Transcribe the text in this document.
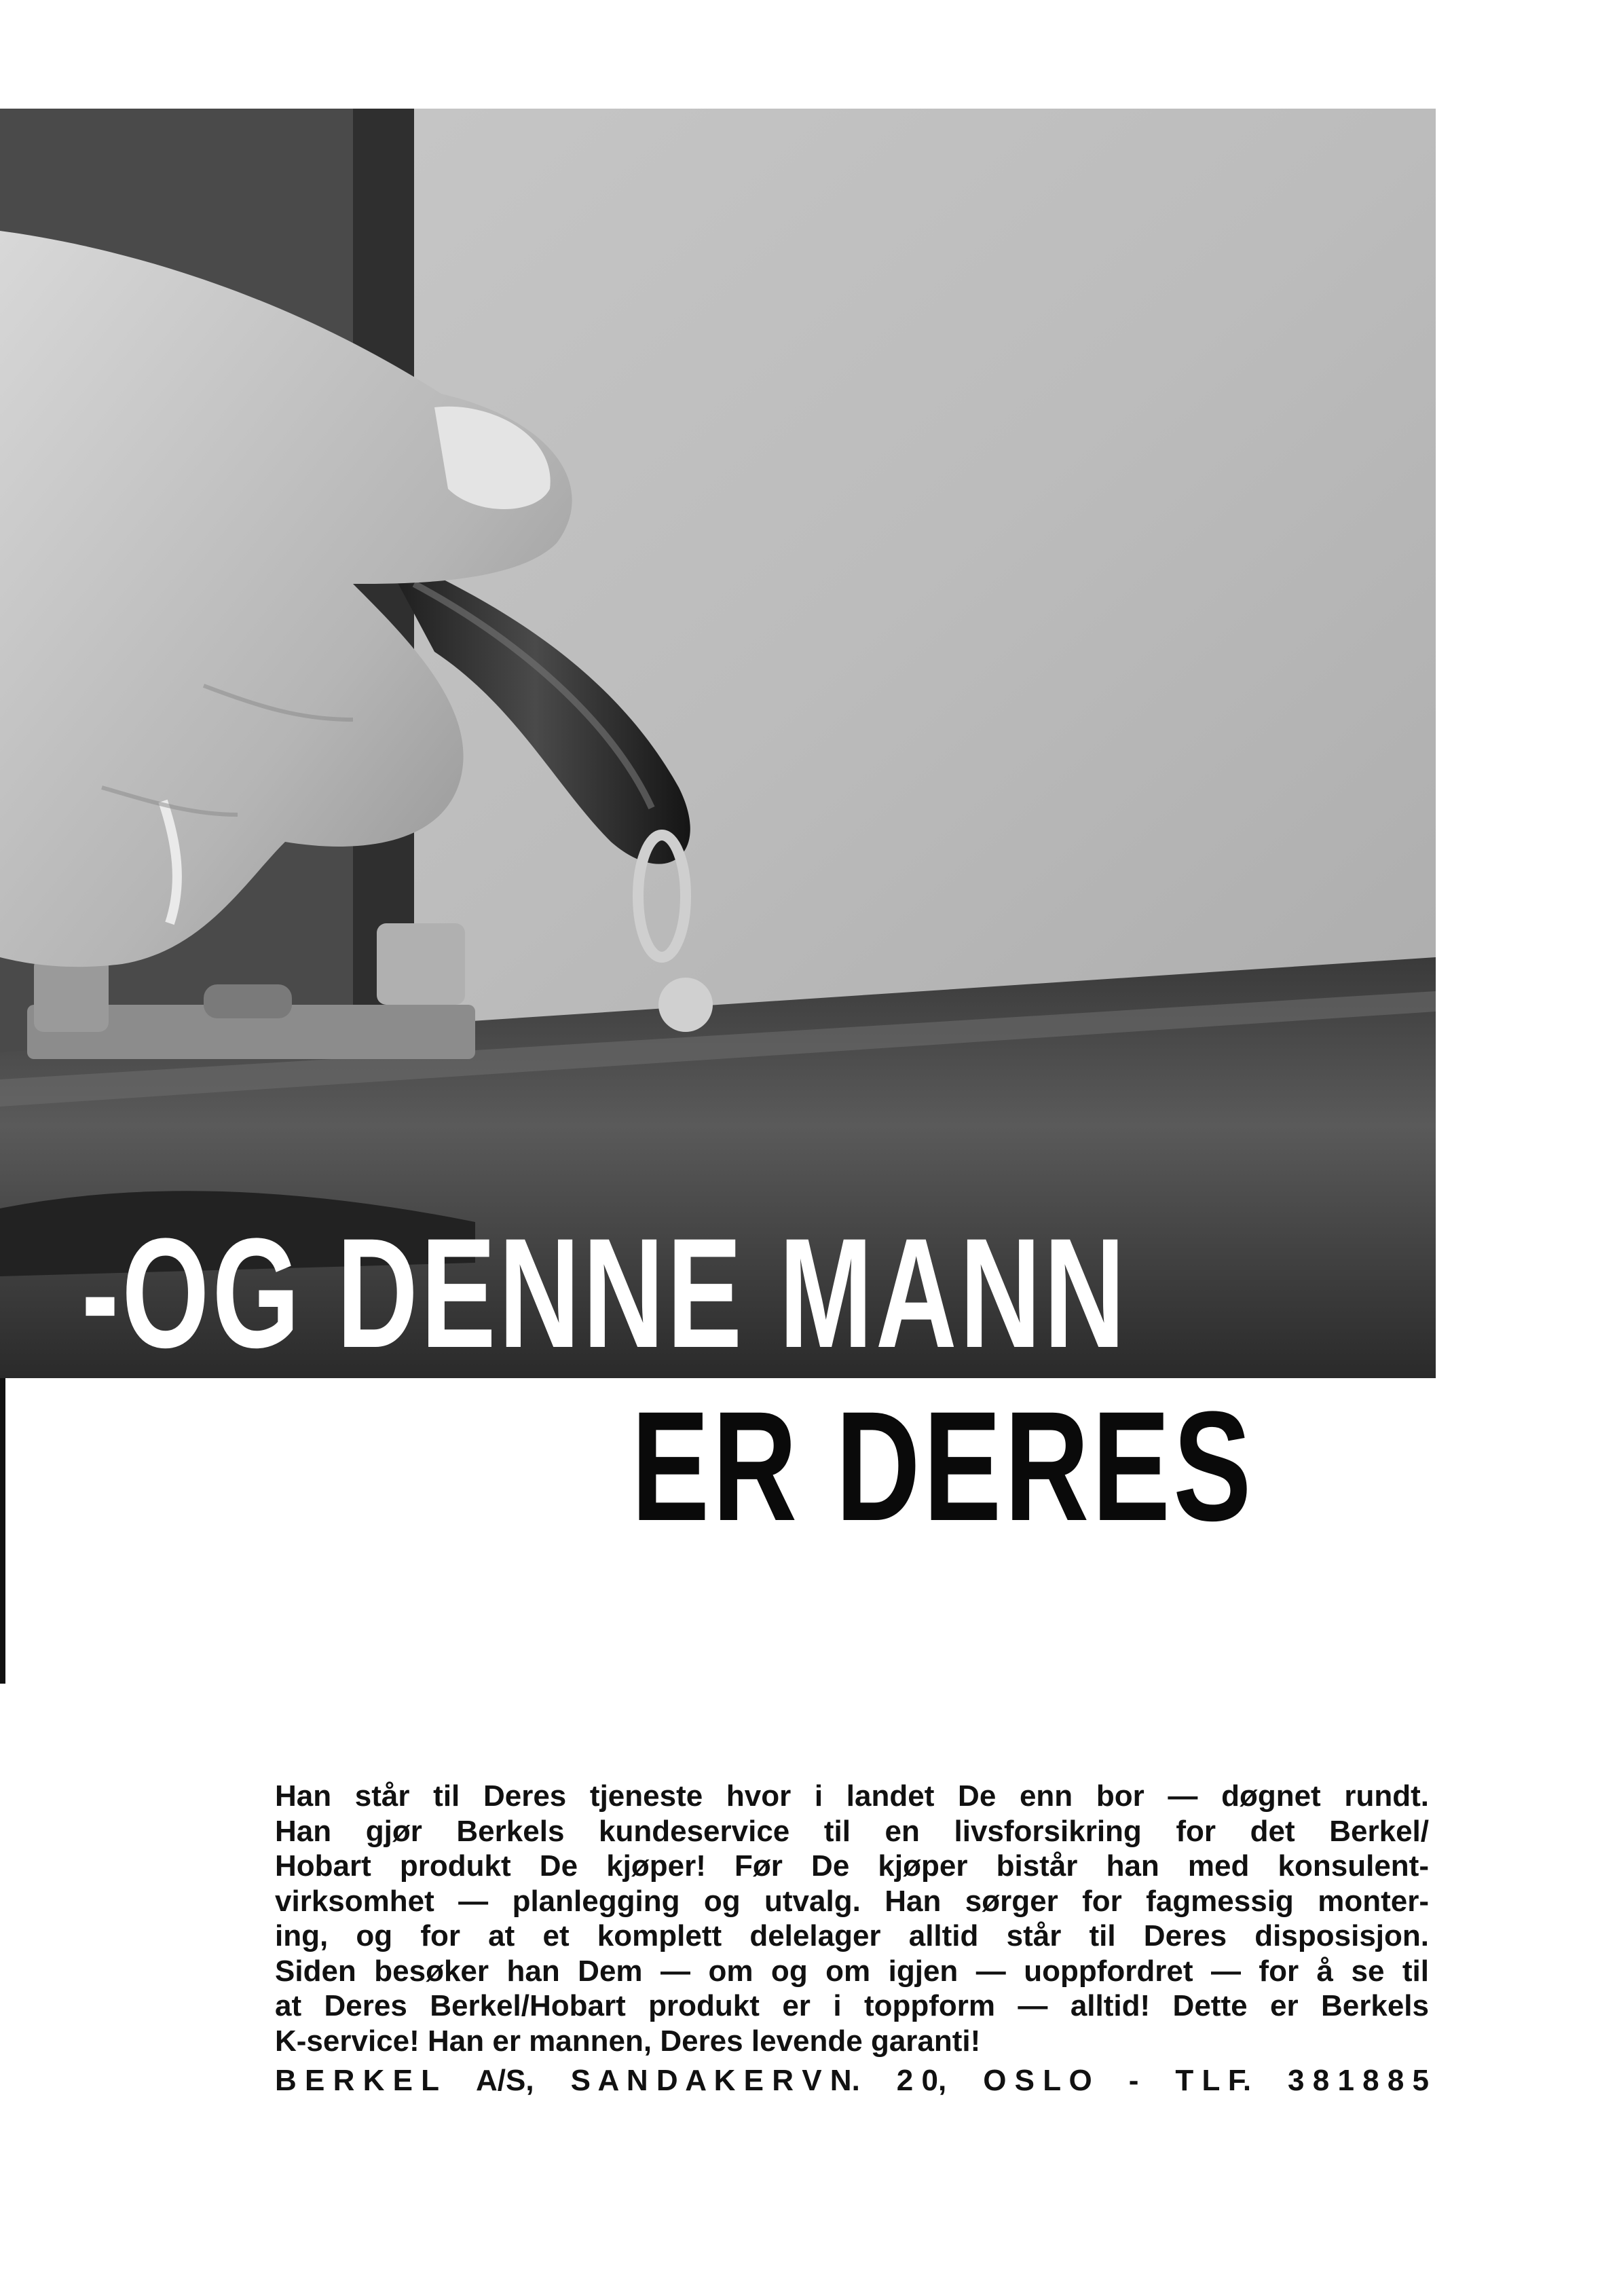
-OG DENNE MANN
ER DERES
Han står til Deres tjeneste hvor i landet De enn bor — døgnet rundt.
Han gjør Berkels kundeservice til en livsforsikring for det Berkel/
Hobart produkt De kjøper! Før De kjøper bistår han med konsulent-
virksomhet — planlegging og utvalg. Han sørger for fagmessig monter-
ing, og for at et komplett delelager alltid står til Deres disposisjon.
Siden besøker han Dem — om og om igjen — uoppfordret — for å se til
at Deres Berkel/Hobart produkt er i toppform — alltid! Dette er Berkels
K-service! Han er mannen, Deres levende garanti!
B E R K E L A/S, S A N D A K E R V N. 2 0, O S L O - T L F. 3 8 1 8 8 5
